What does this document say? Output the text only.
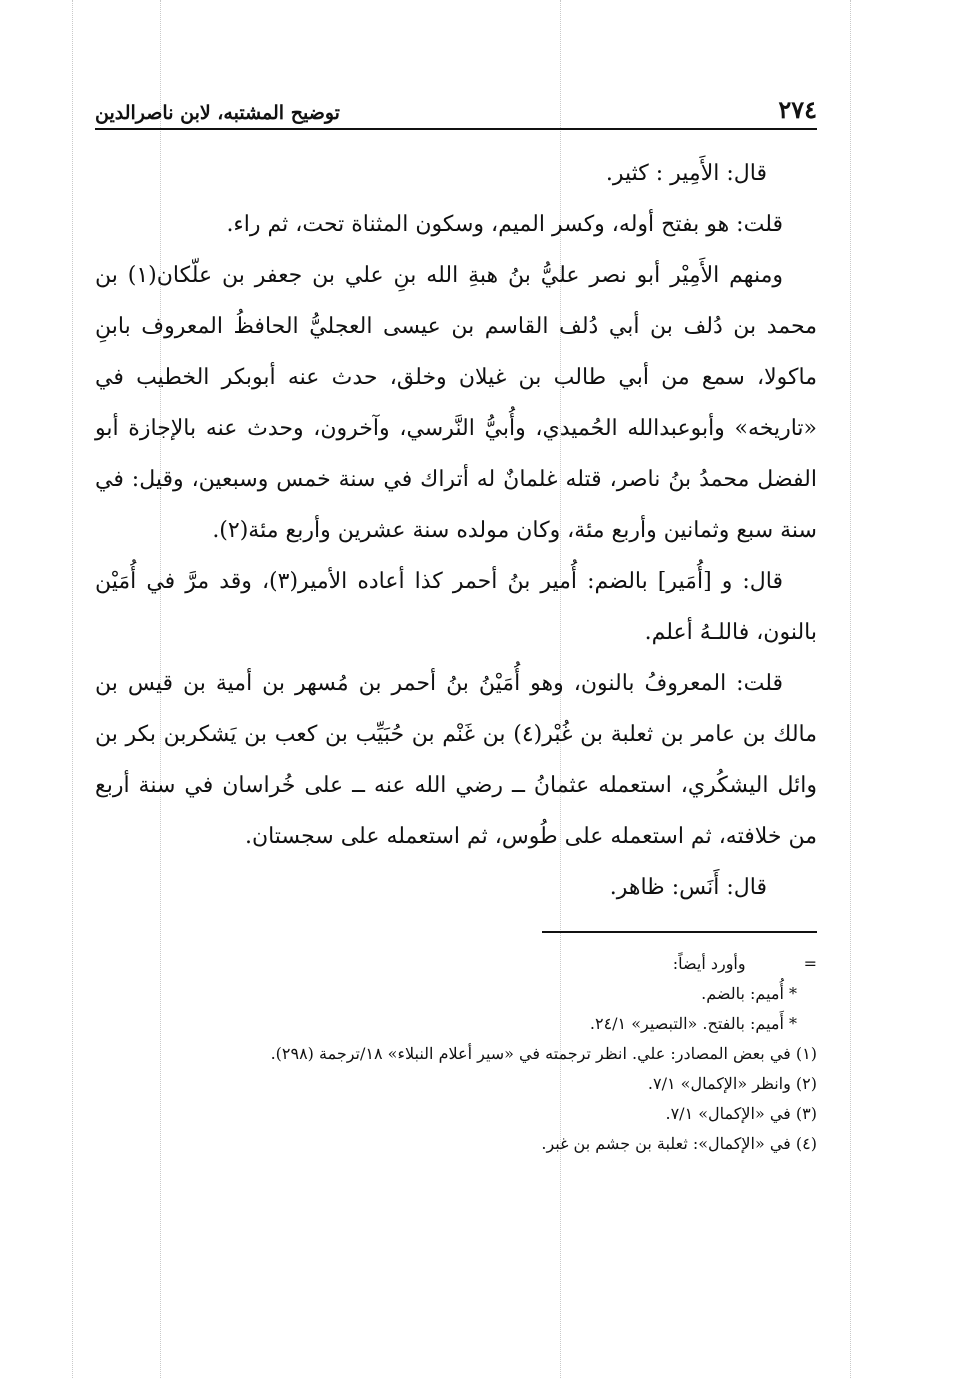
٢٧٤
توضيح المشتبه، لابن ناصرالدين

قال: الأَمِير : كثير.

قلت: هو بفتح أوله، وكسر الميم، وسكون المثناة تحت، ثم راء.

ومنهم الأَمِيْر أبو نصر عليُّ بنُ هبةِ الله بنِ علي بن جعفر بن علّكان(١) بن محمد بن دُلف بن أبي دُلف القاسم بن عيسى العجليُّ الحافظُ المعروف بابنِ ماكولا، سمع من أبي طالب بن غيلان وخلق، حدث عنه أبوبكر الخطيب في «تاريخه» وأبوعبدالله الحُميدي، وأُبيُّ النَّرسي، وآخرون، وحدث عنه بالإجازة أبو الفضل محمدُ بنُ ناصر، قتله غلمانٌ له أتراك في سنة خمس وسبعين، وقيل: في سنة سبع وثمانين وأربع مئة، وكان مولده سنة عشرين وأربع مئة(٢).

قال: و [أُمَير] بالضم: أُمير بنُ أحمر كذا أعاده الأمير(٣)، وقد مرَّ في أُمَيْن بالنون، فاللـهُ أعلم.

قلت: المعروفُ بالنون، وهو أُمَيْنُ بنُ أحمر بن مُسهر بن أمية بن قيس بن مالك بن عامر بن ثعلبة بن غُبْر(٤) بن غَنْم بن حُبَيِّب بن كعب بن يَشكربن بكر بن وائل اليشكُري، استعمله عثمانُ ــ رضي الله عنه ــ على خُراسان في سنة أربع من خلافته، ثم استعمله على طُوس، ثم استعمله على سجستان.

قال: أَنَس: ظاهر.

=
وأورد أيضاً:
* أُميم: بالضم.
* أَميم: بالفتح. «التبصير» ٢٤/١.
(١) في بعض المصادر: علي. انظر ترجمته في «سير أعلام النبلاء» ١٨/ترجمة (٢٩٨).
(٢) وانظر «الإكمال» ٧/١.
(٣) في «الإكمال» ٧/١.
(٤) في «الإكمال»: ثعلبة بن جشم بن غبر.
